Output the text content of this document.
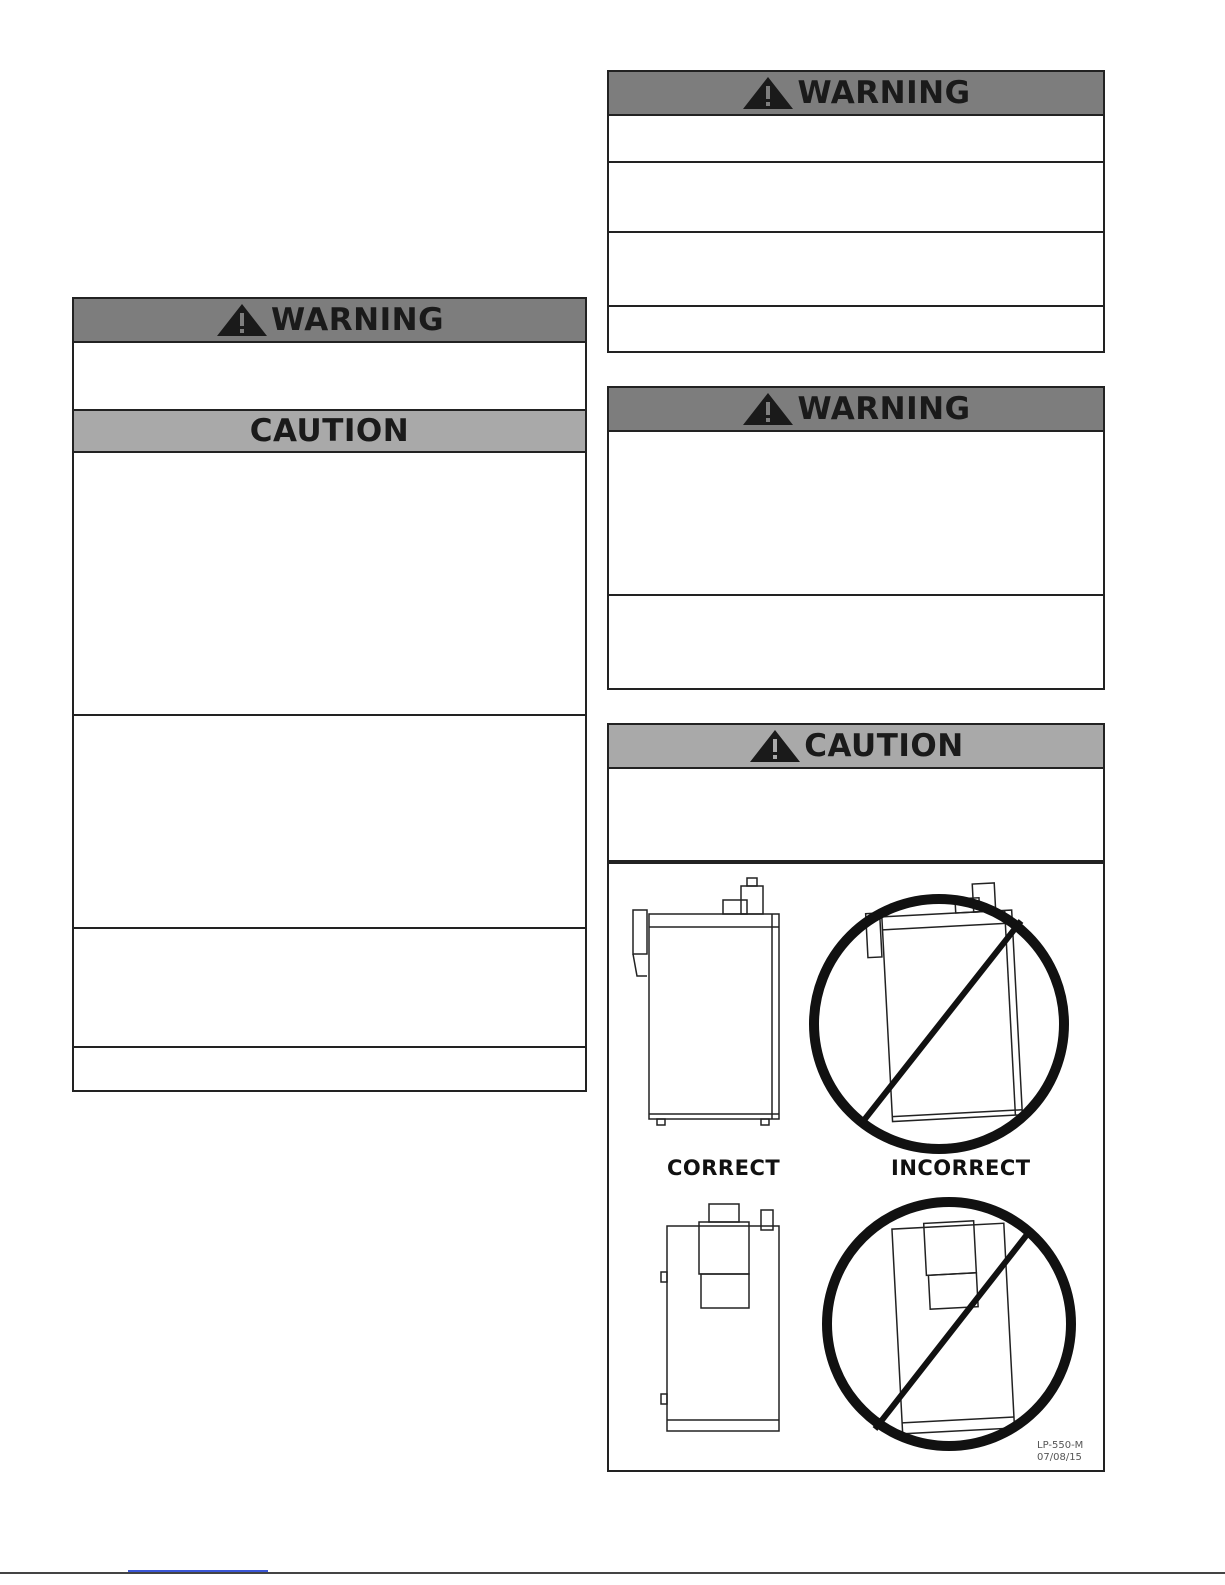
WARNING
CAUTION
WARNING
WARNING
CAUTION
CORRECT	INCORRECT
LP-550-M
07/08/15
